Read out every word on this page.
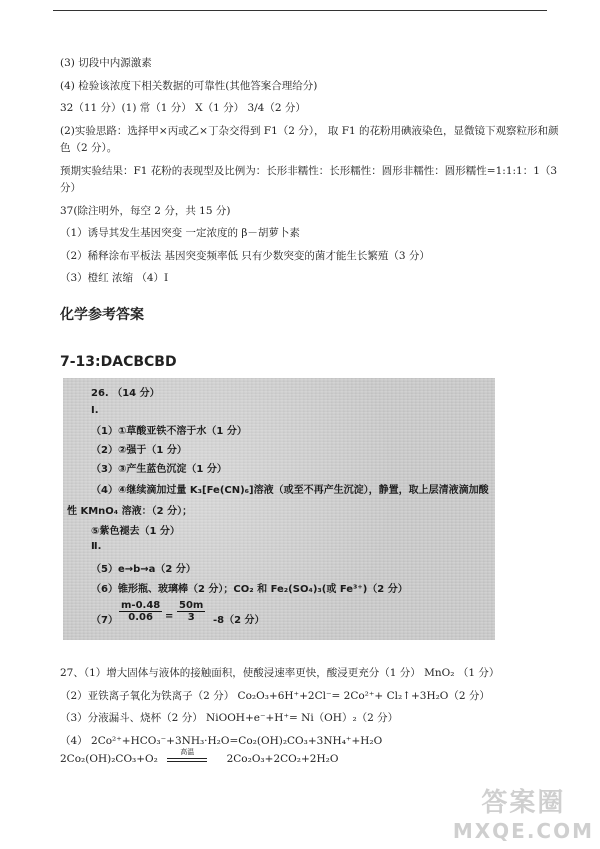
(3) 切段中内源激素
(4) 检验该浓度下相关数据的可靠性(其他答案合理给分)
32（11 分）(1) 常（1 分） X（1 分） 3/4（2 分）
(2)实验思路：选择甲×丙或乙×丁杂交得到 F1（2 分）， 取 F1 的花粉用碘液染色，显微镜下观察粒形和颜
色（2 分）。
预期实验结果：F1 花粉的表现型及比例为：长形非糯性：长形糯性：圆形非糯性：圆形糯性=1:1:1：1（3
分）
37(除注明外，每空 2 分，共 15 分)
（1）诱导其发生基因突变 一定浓度的 β－胡萝卜素
（2）稀释涂布平板法 基因突变频率低 只有少数突变的菌才能生长繁殖（3 分）
（3）橙红 浓缩 （4）Ⅰ
化学参考答案
7-13:DACBCBD
26. （14 分）
Ⅰ.
（1）①草酸亚铁不溶于水（1 分）
（2）②强于（1 分）
（3）③产生蓝色沉淀（1 分）
（4）④继续滴加过量 K₃[Fe(CN)₆]溶液（或至不再产生沉淀），静置，取上层清液滴加酸
性 KMnO₄ 溶液：（2 分）；
⑤紫色褪去（1 分）
Ⅱ.
（5）e→b→a（2 分）
（6）锥形瓶、玻璃棒（2 分）；CO₂ 和 Fe₂(SO₄)₃(或 Fe³⁺)（2 分）
$(7) \frac{m-0.48}{0.06} = \frac{50m}{3} -8(2$ 分）
27、（1）增大固体与液体的接触面积，使酸浸速率更快，酸浸更充分（1 分） MnO₂ （1 分）
（2）亚铁离子氧化为铁离子（2 分） Co₂O₃+6H⁺+2Cl⁻= 2Co²⁺+ Cl₂↑+3H₂O（2 分）
（3）分液漏斗、烧杯（2 分） NiOOH+e⁻+H⁺= Ni（OH）₂（2 分）
（4） 2Co²⁺+HCO₃⁻+3NH₃·H₂O=Co₂(OH)₂CO₃+3NH₄⁺+H₂O
2Co₂(OH)₂CO₃+O₂
高温
2Co₂O₃+2CO₂+2H₂O
答案圈
MXQE.COM
